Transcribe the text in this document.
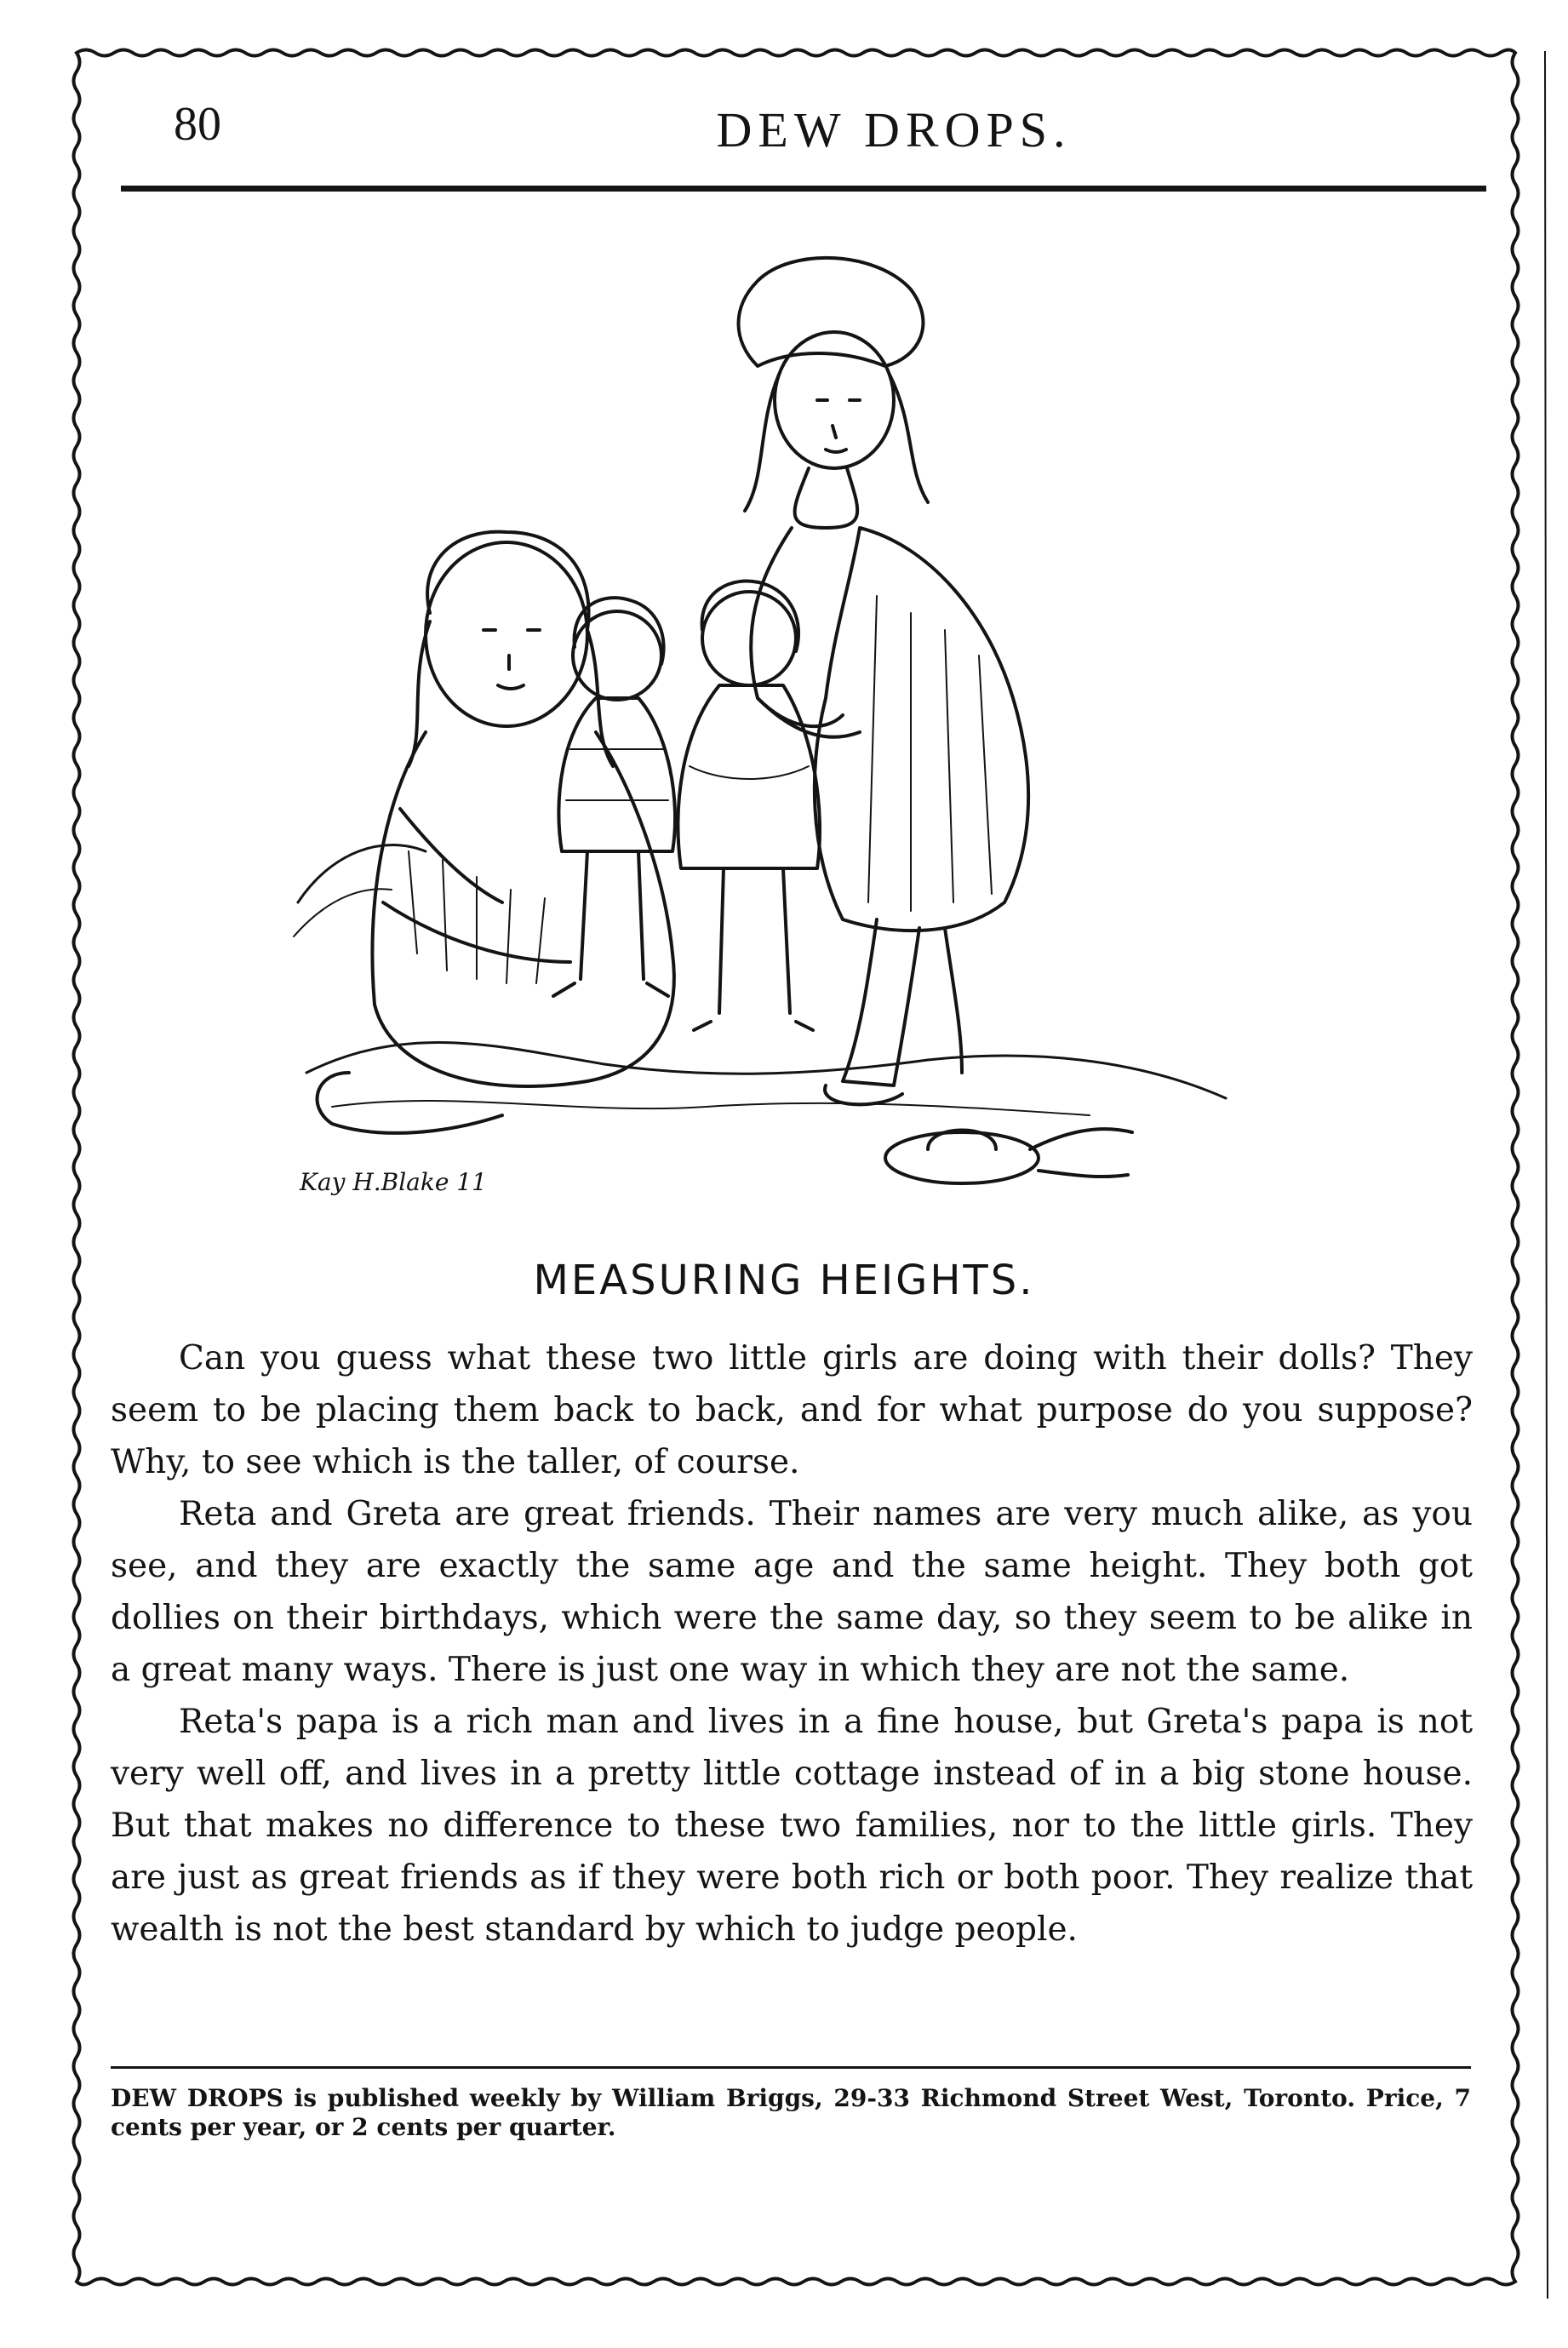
80	DEW DROPS.
Kay H.Blake 11
MEASURING HEIGHTS.

Can you guess what these two little girls are doing with their dolls? They seem to be placing them back to back, and for what purpose do you suppose? Why, to see which is the taller, of course.

Reta and Greta are great friends. Their names are very much alike, as you see, and they are exactly the same age and the same height. They both got dollies on their birthdays, which were the same day, so they seem to be alike in a great many ways. There is just one way in which they are not the same.

Reta's papa is a rich man and lives in a fine house, but Greta's papa is not very well off, and lives in a pretty little cottage instead of in a big stone house. But that makes no difference to these two families, nor to the little girls. They are just as great friends as if they were both rich or both poor. They realize that wealth is not the best standard by which to judge people.

DEW DROPS is published weekly by William Briggs, 29-33 Richmond Street West, Toronto. Price, 7 cents per year, or 2 cents per quarter.
